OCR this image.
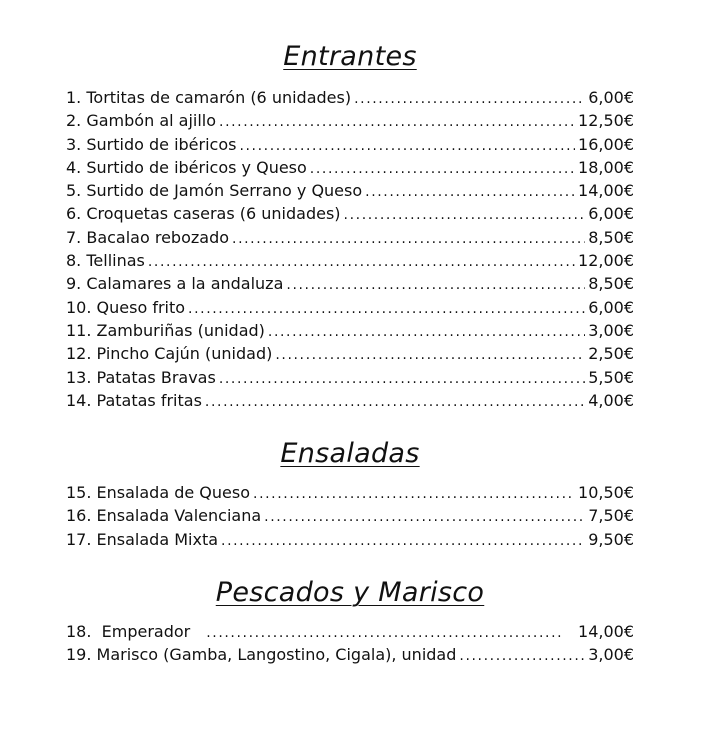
Entrantes
1. Tortitas de camarón (6 unidades) .....	6,00€
2. Gambón al ajillo .....	12,50€
3. Surtido de ibéricos .....	16,00€
4. Surtido de ibéricos y Queso .....	18,00€
5. Surtido de Jamón Serrano y Queso .....	14,00€
6. Croquetas caseras (6 unidades) .....	6,00€
7. Bacalao rebozado .....	8,50€
8. Tellinas .....	12,00€
9. Calamares a la andaluza .....	8,50€
10. Queso frito .....	6,00€
11. Zamburiñas (unidad) .....	3,00€
12. Pincho Cajún (unidad) .....	2,50€
13. Patatas Bravas .....	5,50€
14. Patatas fritas .....	4,00€
Ensaladas
15. Ensalada de Queso .....	10,50€
16. Ensalada Valenciana .....	7,50€
17. Ensalada Mixta .....	9,50€
Pescados y Marisco
18.  Emperador .....	14,00€
19. Marisco (Gamba, Langostino, Cigala), unidad .....	3,00€
